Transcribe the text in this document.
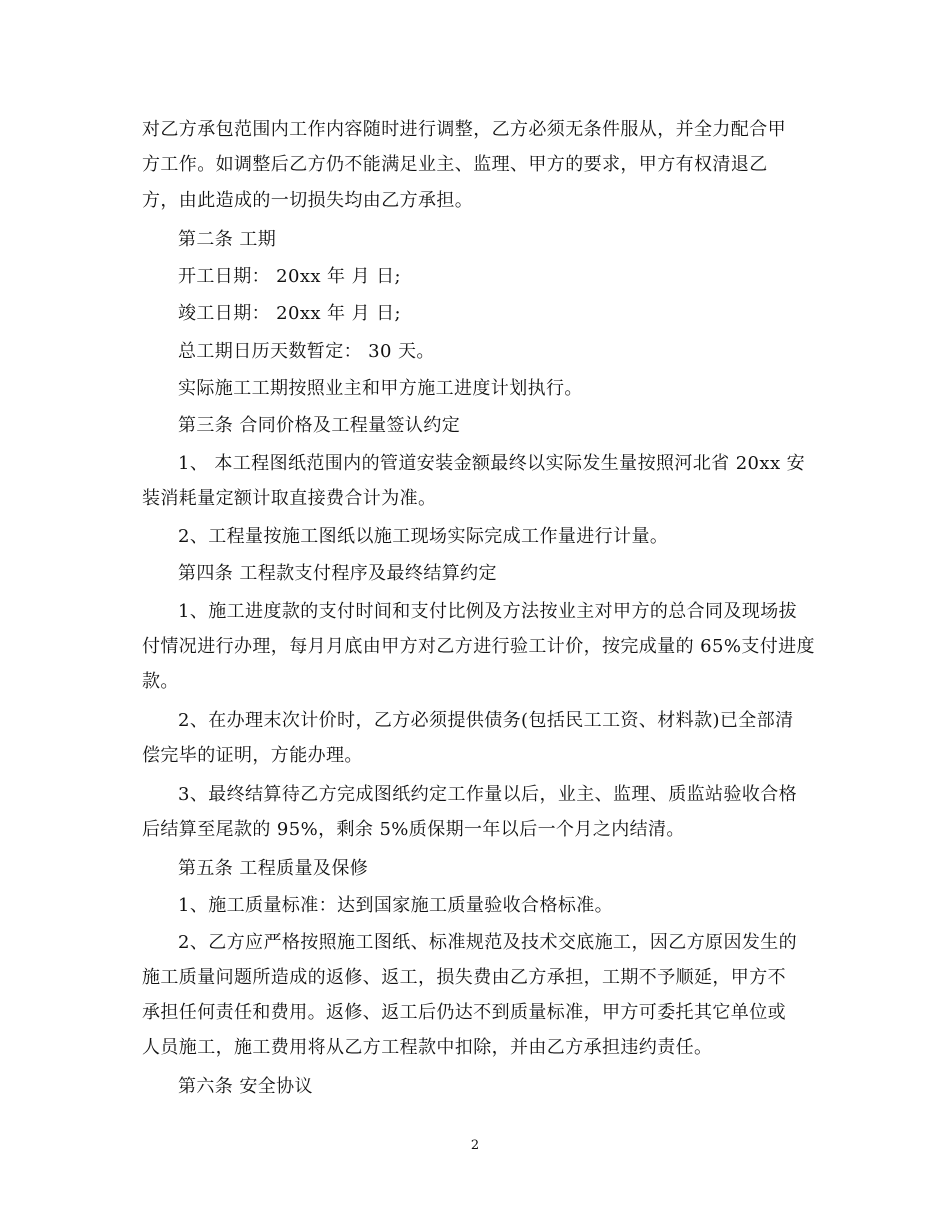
对乙方承包范围内工作内容随时进行调整，乙方必须无条件服从，并全力配合甲
方工作。如调整后乙方仍不能满足业主、监理、甲方的要求，甲方有权清退乙
方，由此造成的一切损失均由乙方承担。
第二条 工期
开工日期： 20xx 年 月 日;
竣工日期： 20xx 年 月 日;
总工期日历天数暂定： 30 天。
实际施工工期按照业主和甲方施工进度计划执行。
第三条 合同价格及工程量签认约定
1、 本工程图纸范围内的管道安装金额最终以实际发生量按照河北省 20xx 安
装消耗量定额计取直接费合计为准。
2、工程量按施工图纸以施工现场实际完成工作量进行计量。
第四条 工程款支付程序及最终结算约定
1、施工进度款的支付时间和支付比例及方法按业主对甲方的总合同及现场拔
付情况进行办理，每月月底由甲方对乙方进行验工计价，按完成量的 65%支付进度
款。
2、在办理末次计价时，乙方必须提供债务(包括民工工资、材料款)已全部清
偿完毕的证明，方能办理。
3、最终结算待乙方完成图纸约定工作量以后，业主、监理、质监站验收合格
后结算至尾款的 95%，剩余 5%质保期一年以后一个月之内结清。
第五条 工程质量及保修
1、施工质量标准：达到国家施工质量验收合格标准。
2、乙方应严格按照施工图纸、标准规范及技术交底施工，因乙方原因发生的
施工质量问题所造成的返修、返工，损失费由乙方承担，工期不予顺延，甲方不
承担任何责任和费用。返修、返工后仍达不到质量标准，甲方可委托其它单位或
人员施工，施工费用将从乙方工程款中扣除，并由乙方承担违约责任。
第六条 安全协议
2
